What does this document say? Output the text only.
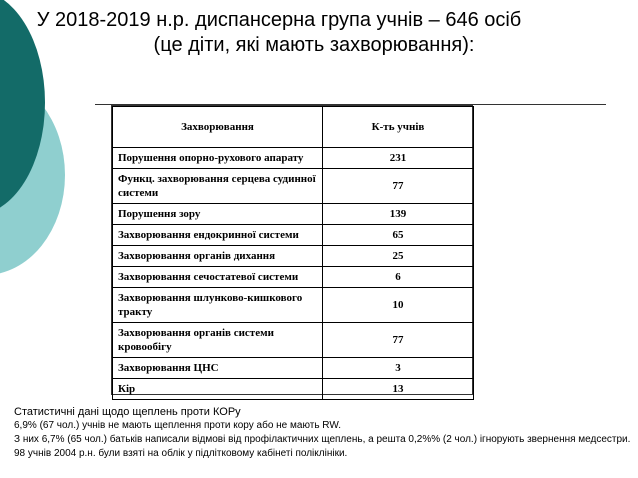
У 2018-2019 н.р. диспансерна група учнів – 646 осіб
(це діти, які мають захворювання):
Захворювання	К-ть учнів
Порушення опорно-рухового апарату	231
Функц. захворювання серцева судинної системи	77
Порушення зору	139
Захворювання ендокринної системи	65
Захворювання органів дихання	25
Захворювання сечостатевої системи	6
Захворювання шлунково-кишкового тракту	10
Захворювання органів системи кровообігу	77
Захворювання ЦНС	3
Кір	13
Статистичні дані щодо щеплень проти КОРу
6,9% (67 чол.) учнів не мають щеплення проти кору або не мають RW.
З них 6,7% (65 чол.) батьків написали відмові від профілактичних щеплень, а решта 0,2%% (2 чол.) ігнорують звернення медсестри.
98 учнів 2004 р.н. були взяті на облік у підлітковому кабінеті поліклініки.
